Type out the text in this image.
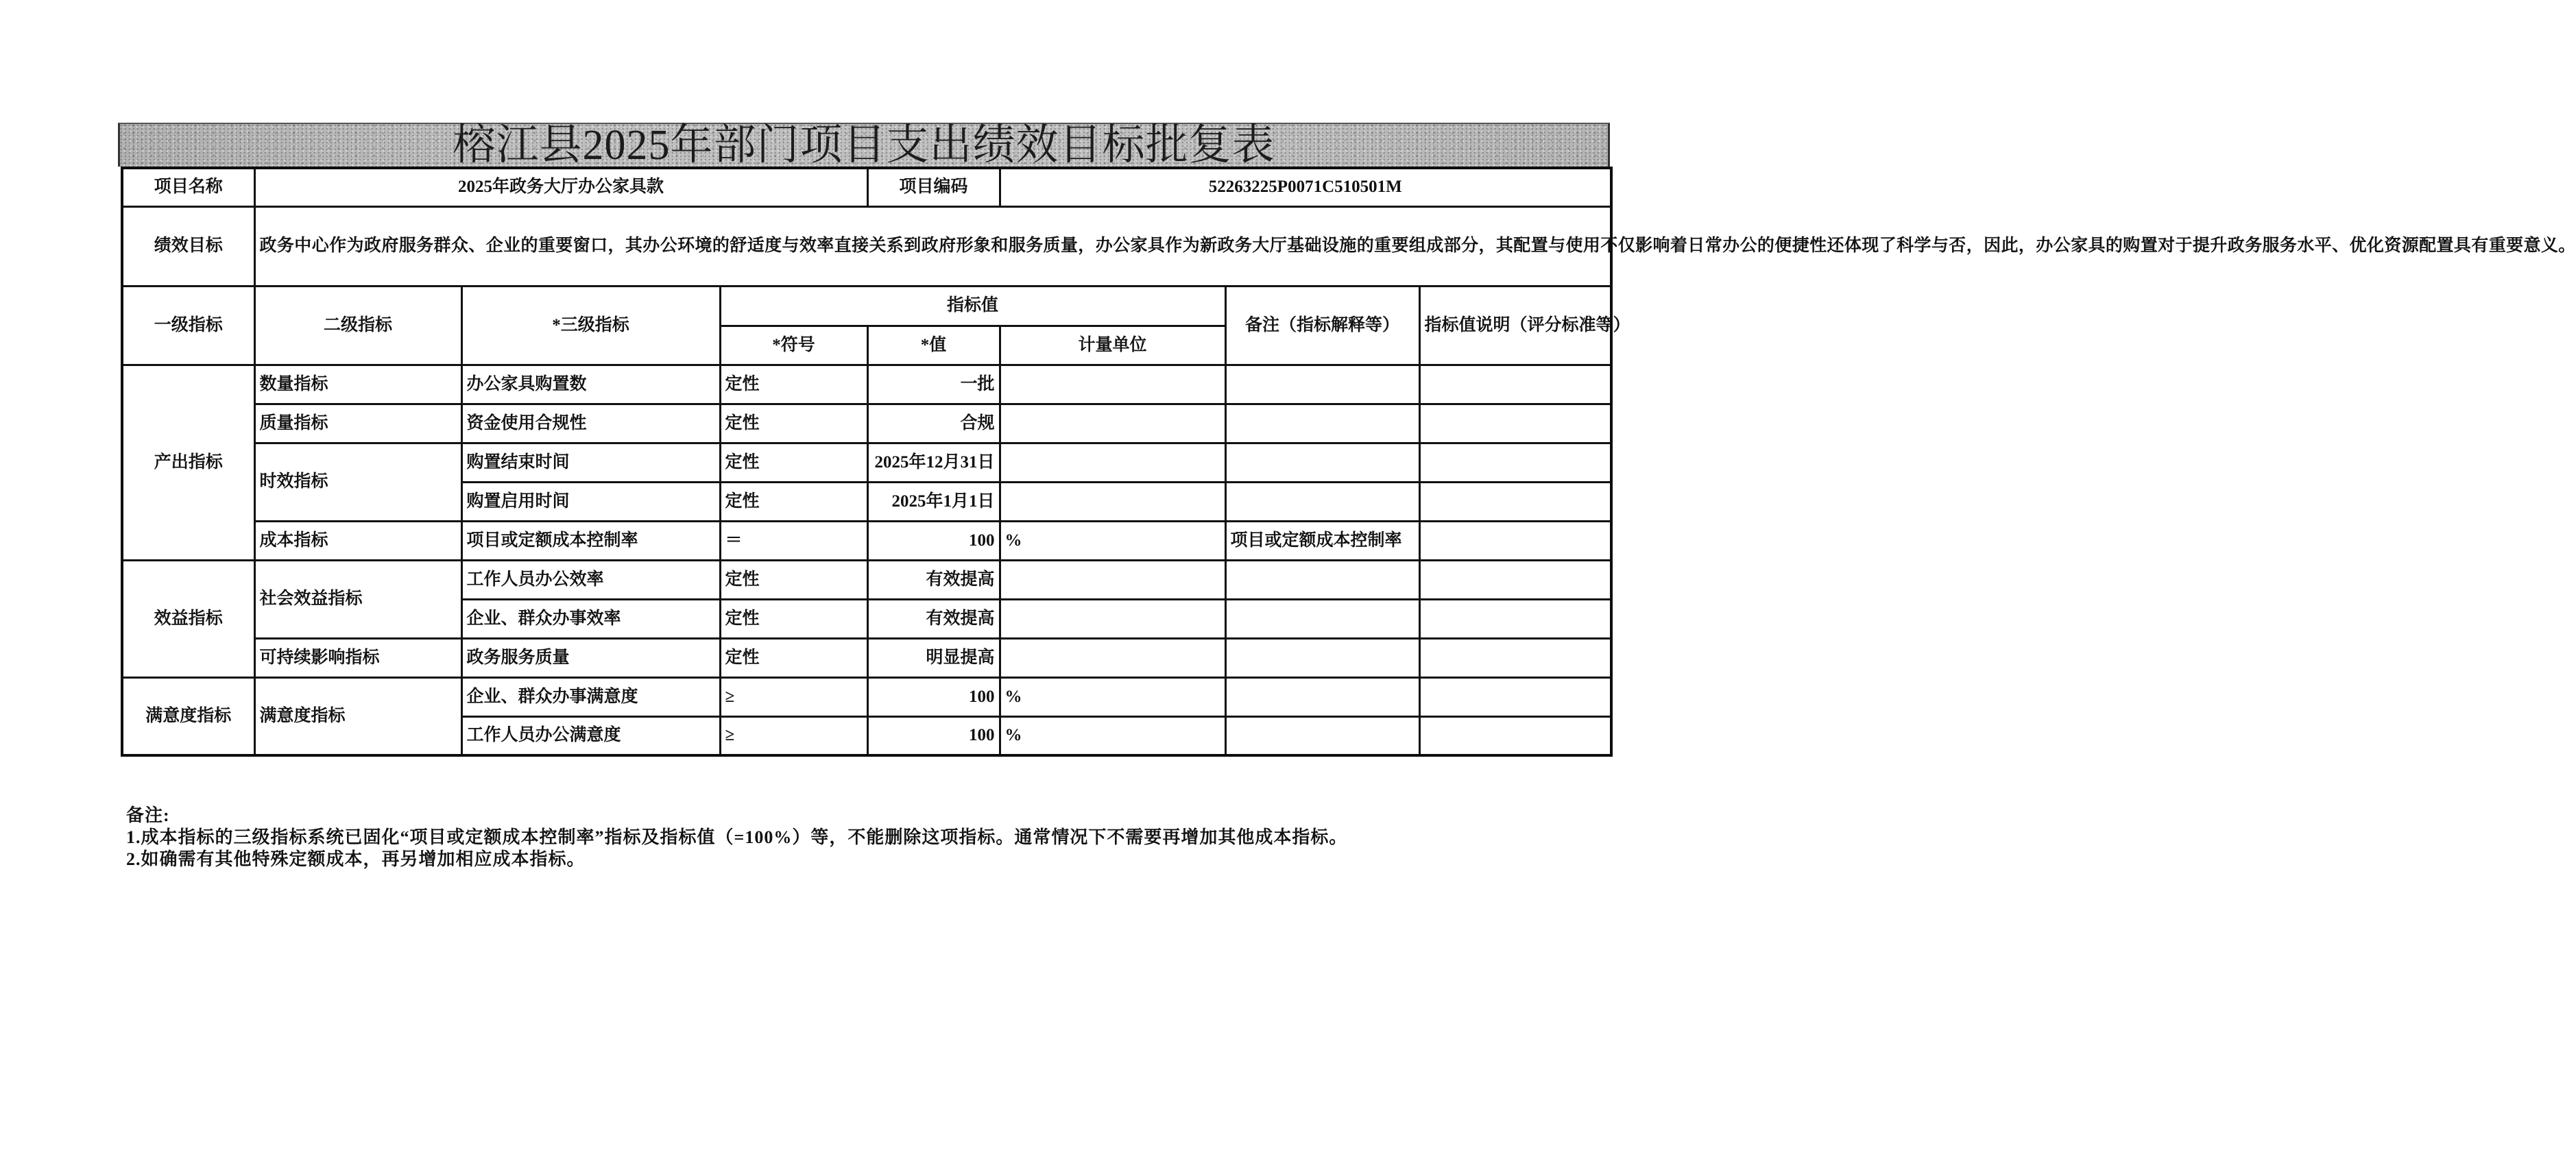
榕江县2025年部门项目支出绩效目标批复表
项目名称	2025年政务大厅办公家具款			项目编码	52263225P0071C510501M		
绩效目标	政务中心作为政府服务群众、企业的重要窗口，其办公环境的舒适度与效率直接关系到政府形象和服务质量，办公家具作为新政务大厅基础设施的重要组成部分，其配置与使用不仅影响着日常办公的便捷性还体现了科学与否，因此，办公家具的购置对于提升政务服务水平、优化资源配置具有重要意义。						
一级指标	二级指标	*三级指标	指标值			备注（指标解释等）	指标值说明（评分标准等）
			*符号	*值	计量单位		
产出指标	数量指标	办公家具购置数	定性	一批			
	质量指标	资金使用合规性	定性	合规			
	时效指标	购置结束时间	定性	2025年12月31日			
		购置启用时间	定性	2025年1月1日			
	成本指标	项目或定额成本控制率	＝	100	%	项目或定额成本控制率	
效益指标	社会效益指标	工作人员办公效率	定性	有效提高			
		企业、群众办事效率	定性	有效提高			
	可持续影响指标	政务服务质量	定性	明显提高			
满意度指标	满意度指标	企业、群众办事满意度	≥	100	%		
		工作人员办公满意度	≥	100	%		
备注:
1.成本指标的三级指标系统已固化“项目或定额成本控制率”指标及指标值（=100%）等，不能删除这项指标。通常情况下不需要再增加其他成本指标。
2.如确需有其他特殊定额成本，再另增加相应成本指标。
